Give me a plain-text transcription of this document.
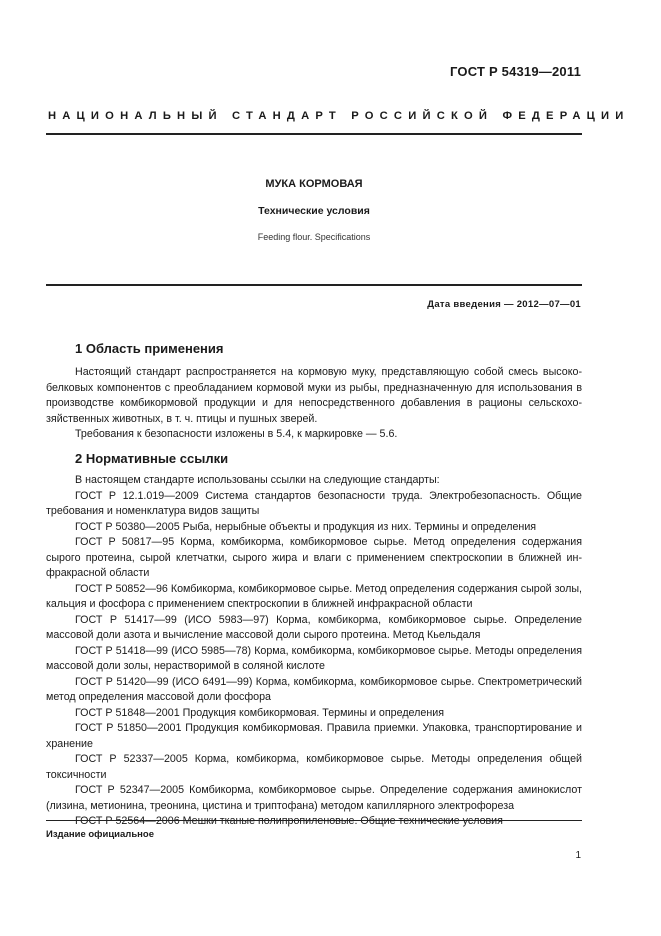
ГОСТ Р 54319—2011
НАЦИОНАЛЬНЫЙ СТАНДАРТ РОССИЙСКОЙ ФЕДЕРАЦИИ
МУКА КОРМОВАЯ
Технические условия
Feeding flour. Specifications
Дата введения — 2012—07—01
1 Область применения

Настоящий стандарт распространяется на кормовую муку, представляющую собой смесь высокобелковых компонентов с преобладанием кормовой муки из рыбы, предназначенную для использования в производстве комбикормовой продукции и для непосредственного добавления в рационы сельскохозяйственных животных, в т. ч. птицы и пушных зверей.

Требования к безопасности изложены в 5.4, к маркировке — 5.6.

2 Нормативные ссылки

В настоящем стандарте использованы ссылки на следующие стандарты:

ГОСТ Р 12.1.019—2009 Система стандартов безопасности труда. Электробезопасность. Общие требования и номенклатура видов защиты

ГОСТ Р 50380—2005 Рыба, нерыбные объекты и продукция из них. Термины и определения

ГОСТ Р 50817—95 Корма, комбикорма, комбикормовое сырье. Метод определения содержания сырого протеина, сырой клетчатки, сырого жира и влаги с применением спектроскопии в ближней инфракрасной области

ГОСТ Р 50852—96 Комбикорма, комбикормовое сырье. Метод определения содержания сырой золы, кальция и фосфора с применением спектроскопии в ближней инфракрасной области

ГОСТ Р 51417—99 (ИСО 5983—97) Корма, комбикорма, комбикормовое сырье. Определение массовой доли азота и вычисление массовой доли сырого протеина. Метод Кьельдаля

ГОСТ Р 51418—99 (ИСО 5985—78) Корма, комбикорма, комбикормовое сырье. Методы определения массовой доли золы, нерастворимой в соляной кислоте

ГОСТ Р 51420—99 (ИСО 6491—99) Корма, комбикорма, комбикормовое сырье. Спектрометрический метод определения массовой доли фосфора

ГОСТ Р 51848—2001 Продукция комбикормовая. Термины и определения

ГОСТ Р 51850—2001 Продукция комбикормовая. Правила приемки. Упаковка, транспортирование и хранение

ГОСТ Р 52337—2005 Корма, комбикорма, комбикормовое сырье. Методы определения общей токсичности

ГОСТ Р 52347—2005 Комбикорма, комбикормовое сырье. Определение содержания аминокислот (лизина, метионина, треонина, цистина и триптофана) методом капиллярного электрофореза

ГОСТ Р 52564—2006 Мешки тканые полипропиленовые. Общие технические условия

Издание официальное
1
